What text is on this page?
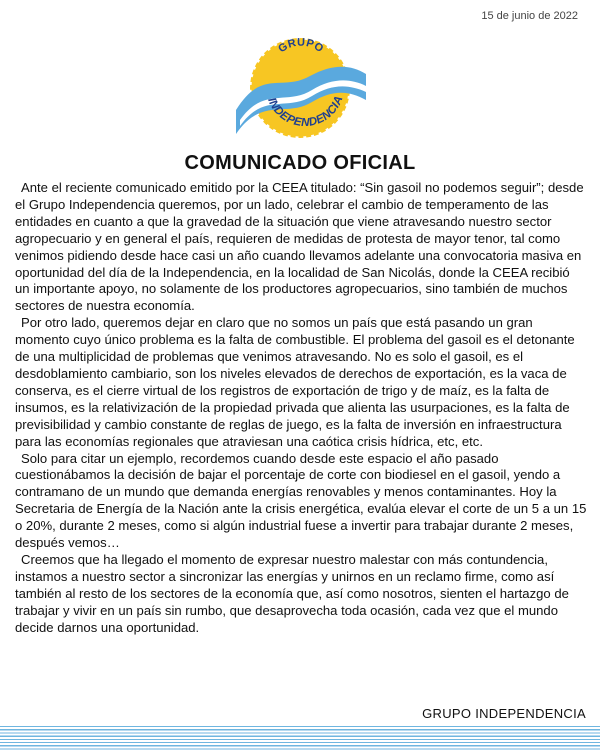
15 de junio de 2022
GRUPO
INDEPENDENCIA
COMUNICADO OFICIAL

Ante el reciente comunicado emitido por la CEEA titulado: “Sin gasoil no podemos seguir”; desde el Grupo Independencia queremos, por un lado, celebrar el cambio de temperamento de las entidades en cuanto a que la gravedad de la situación que viene atravesando nuestro sector agropecuario y en general el país, requieren de medidas de protesta de mayor tenor, tal como venimos pidiendo desde hace casi un año cuando llevamos adelante una convocatoria masiva en oportunidad del día de la Independencia, en la localidad de San Nicolás, donde la CEEA recibió un importante apoyo, no solamente de los productores agropecuarios, sino también de muchos sectores de nuestra economía.

Por otro lado, queremos dejar en claro que no somos un país que está pasando un gran momento cuyo único problema es la falta de combustible. El problema del gasoil es el detonante de una multiplicidad de problemas que venimos atravesando. No es solo el gasoil, es el desdoblamiento cambiario, son los niveles elevados de derechos de exportación, es la vaca de conserva, es el cierre virtual de los registros de exportación de trigo y de maíz, es la falta de insumos, es la relativización de la propiedad privada que alienta las usurpaciones, es la falta de previsibilidad y cambio constante de reglas de juego, es la falta de inversión en infraestructura para las economías regionales que atraviesan una caótica crisis hídrica, etc, etc.

Solo para citar un ejemplo, recordemos cuando desde este espacio el año pasado cuestionábamos la decisión de bajar el porcentaje de corte con biodiesel en el gasoil, yendo a contramano de un mundo que demanda energías renovables y menos contaminantes. Hoy la Secretaria de Energía de la Nación ante la crisis energética, evalúa elevar el corte de un 5 a un 15 o 20%, durante 2 meses, como si algún industrial fuese a invertir para trabajar durante 2 meses, después vemos…

Creemos que ha llegado el momento de expresar nuestro malestar con más contundencia, instamos a nuestro sector a sincronizar las energías y unirnos en un reclamo firme, como así también al resto de los sectores de la economía que, así como nosotros, sienten el hartazgo de trabajar y vivir en un país sin rumbo, que desaprovecha toda ocasión, cada vez que el mundo decide darnos una oportunidad.

GRUPO INDEPENDENCIA
